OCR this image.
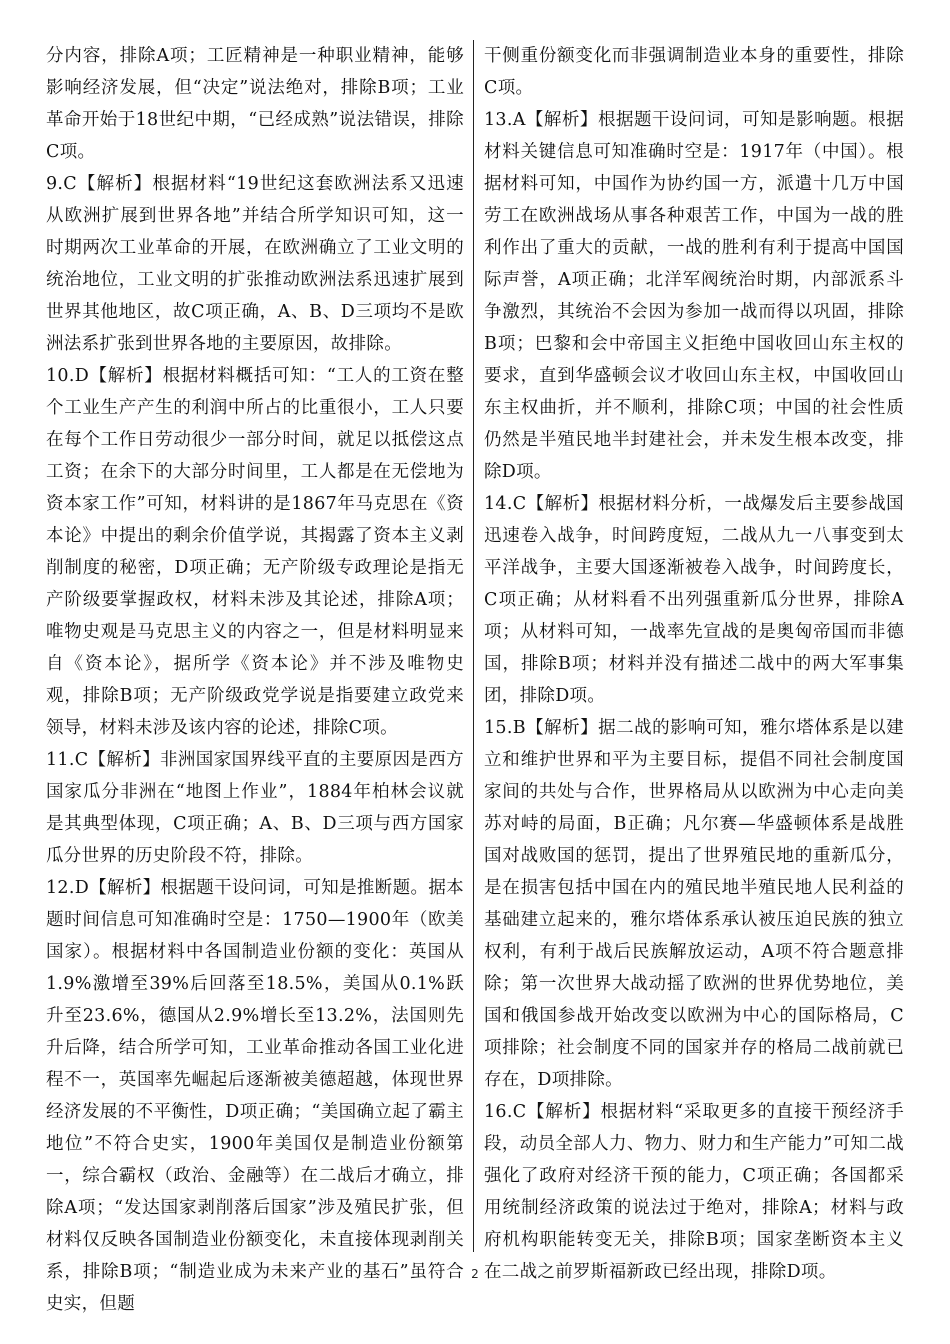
分内容，排除A项；工匠精神是一种职业精神，能够影响经济发展，但“决定”说法绝对，排除B项；工业革命开始于18世纪中期，“已经成熟”说法错误，排除C项。

9.C【解析】根据材料“19世纪这套欧洲法系又迅速从欧洲扩展到世界各地”并结合所学知识可知，这一时期两次工业革命的开展，在欧洲确立了工业文明的统治地位，工业文明的扩张推动欧洲法系迅速扩展到世界其他地区，故C项正确，A、B、D三项均不是欧洲法系扩张到世界各地的主要原因，故排除。

10.D【解析】根据材料概括可知：“工人的工资在整个工业生产产生的利润中所占的比重很小，工人只要在每个工作日劳动很少一部分时间，就足以抵偿这点工资；在余下的大部分时间里，工人都是在无偿地为资本家工作”可知，材料讲的是1867年马克思在《资本论》中提出的剩余价值学说，其揭露了资本主义剥削制度的秘密，D项正确；无产阶级专政理论是指无产阶级要掌握政权，材料未涉及其论述，排除A项；唯物史观是马克思主义的内容之一，但是材料明显来自《资本论》，据所学《资本论》并不涉及唯物史观，排除B项；无产阶级政党学说是指要建立政党来领导，材料未涉及该内容的论述，排除C项。

11.C【解析】非洲国家国界线平直的主要原因是西方国家瓜分非洲在“地图上作业”，1884年柏林会议就是其典型体现，C项正确；A、B、D三项与西方国家瓜分世界的历史阶段不符，排除。

12.D【解析】根据题干设问词，可知是推断题。据本题时间信息可知准确时空是：1750—1900年（欧美国家）。根据材料中各国制造业份额的变化：英国从1.9%激增至39%后回落至18.5%，美国从0.1%跃升至23.6%，德国从2.9%增长至13.2%，法国则先升后降，结合所学可知，工业革命推动各国工业化进程不一，英国率先崛起后逐渐被美德超越，体现世界经济发展的不平衡性，D项正确；“美国确立起了霸主地位”不符合史实，1900年美国仅是制造业份额第一，综合霸权（政治、金融等）在二战后才确立，排除A项；“发达国家剥削落后国家”涉及殖民扩张，但材料仅反映各国制造业份额变化，未直接体现剥削关系，排除B项；“制造业成为未来产业的基石”虽符合史实，但题

干侧重份额变化而非强调制造业本身的重要性，排除C项。

13.A【解析】根据题干设问词，可知是影响题。根据材料关键信息可知准确时空是：1917年（中国）。根据材料可知，中国作为协约国一方，派遣十几万中国劳工在欧洲战场从事各种艰苦工作，中国为一战的胜利作出了重大的贡献，一战的胜利有利于提高中国国际声誉，A项正确；北洋军阀统治时期，内部派系斗争激烈，其统治不会因为参加一战而得以巩固，排除B项；巴黎和会中帝国主义拒绝中国收回山东主权的要求，直到华盛顿会议才收回山东主权，中国收回山东主权曲折，并不顺利，排除C项；中国的社会性质仍然是半殖民地半封建社会，并未发生根本改变，排除D项。

14.C【解析】根据材料分析，一战爆发后主要参战国迅速卷入战争，时间跨度短，二战从九一八事变到太平洋战争，主要大国逐渐被卷入战争，时间跨度长，C项正确；从材料看不出列强重新瓜分世界，排除A项；从材料可知，一战率先宣战的是奥匈帝国而非德国，排除B项；材料并没有描述二战中的两大军事集团，排除D项。

15.B【解析】据二战的影响可知，雅尔塔体系是以建立和维护世界和平为主要目标，提倡不同社会制度国家间的共处与合作，世界格局从以欧洲为中心走向美苏对峙的局面，B正确；凡尔赛—华盛顿体系是战胜国对战败国的惩罚，提出了世界殖民地的重新瓜分，是在损害包括中国在内的殖民地半殖民地人民利益的基础建立起来的，雅尔塔体系承认被压迫民族的独立权利，有利于战后民族解放运动，A项不符合题意排除；第一次世界大战动摇了欧洲的世界优势地位，美国和俄国参战开始改变以欧洲为中心的国际格局，C项排除；社会制度不同的国家并存的格局二战前就已存在，D项排除。

16.C【解析】根据材料“采取更多的直接干预经济手段，动员全部人力、物力、财力和生产能力”可知二战强化了政府对经济干预的能力，C项正确；各国都采用统制经济政策的说法过于绝对，排除A；材料与政府机构职能转变无关，排除B项；国家垄断资本主义在二战之前罗斯福新政已经出现，排除D项。

2
